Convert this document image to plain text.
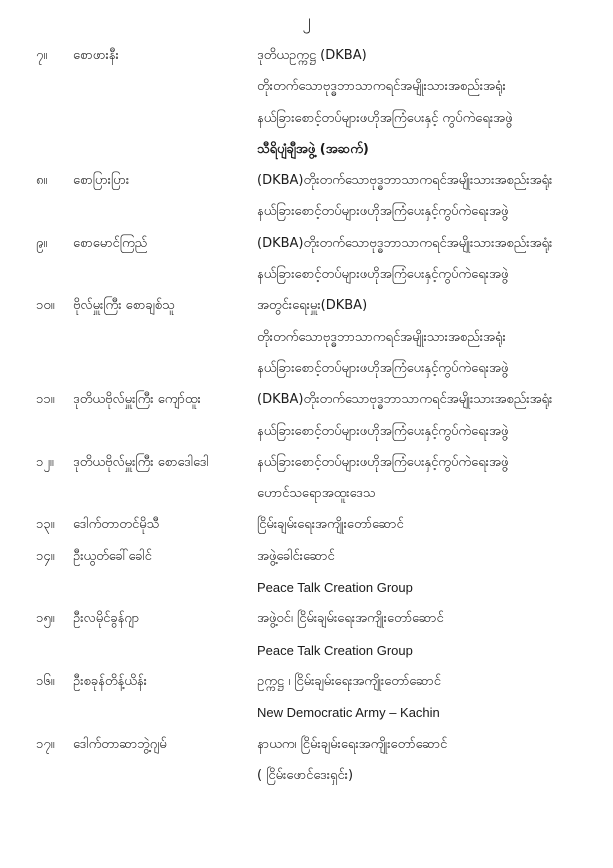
၂
၇။ စောဖားနီး	ဒုတိယဥက္ကဋ္ဌ (DKBA)
တိုးတက်သောဗုဒ္ဓဘာသာကရင်အမျိုးသားအစည်းအရုံး
နယ်ခြားစောင့်တပ်များဖဟိုအကြံပေးနှင့် ကွပ်ကဲရေးအဖွဲ့
သီရိပျံချီအဖွဲ့ (အဆက်)
၈။ စောပြားပြား	(DKBA)တိုးတက်သောဗုဒ္ဓဘာသာကရင်အမျိုးသားအစည်းအရုံး
နယ်ခြားစောင့်တပ်များဖဟိုအကြံပေးနှင့်ကွပ်ကဲရေးအဖွဲ့
၉။ စောမောင်ကြည်	(DKBA)တိုးတက်သောဗုဒ္ဓဘာသာကရင်အမျိုးသားအစည်းအရုံး
နယ်ခြားစောင့်တပ်များဖဟိုအကြံပေးနှင့်ကွပ်ကဲရေးအဖွဲ့
၁၀။ ဗိုလ်မှူးကြီး စောချစ်သူ	အတွင်းရေးမှူး(DKBA)
တိုးတက်သောဗုဒ္ဓဘာသာကရင်အမျိုးသားအစည်းအရုံး
နယ်ခြားစောင့်တပ်များဖဟိုအကြံပေးနှင့်ကွပ်ကဲရေးအဖွဲ့
၁၁။ ဒုတိယဗိုလ်မှူးကြီး ကျော်ထူး	(DKBA)တိုးတက်သောဗုဒ္ဓဘာသာကရင်အမျိုးသားအစည်းအရုံး
နယ်ခြားစောင့်တပ်များဖဟိုအကြံပေးနှင့်ကွပ်ကဲရေးအဖွဲ့
၁၂။ ဒုတိယဗိုလ်မှူးကြီး စောဒေါဒေါ	နယ်ခြားစောင့်တပ်များဖဟိုအကြံပေးနှင့်ကွပ်ကဲရေးအဖွဲ့
ဟောင်သရောအထူးဒေသ
၁၃။ ဒေါက်တာတင်မိုသီ	ငြိမ်းချမ်းရေးအကျိုးတော်ဆောင်
၁၄။ ဦးယွတ်ခေါ်ခေါင်	အဖွဲ့ခေါင်းဆောင်
Peace Talk Creation Group
၁၅။ ဦးလမိုင်ခွန်ဂျာ	အဖွဲ့ဝင်၊ ငြိမ်းချမ်းရေးအကျိုးတော်ဆောင်
Peace Talk Creation Group
၁၆။ ဦးစခုန်တိန့်ယိန်း	ဥက္ကဋ္ဌ ၊ ငြိမ်းချမ်းရေးအကျိုးတော်ဆောင်
New Democratic Army – Kachin
၁၇။ ဒေါက်တာဆာဘွဲ့ဂျမ်	နာယက၊ ငြိမ်းချမ်းရေးအကျိုးတော်ဆောင်
( ငြိမ်းဖောင်ဒေးရှင်း)
